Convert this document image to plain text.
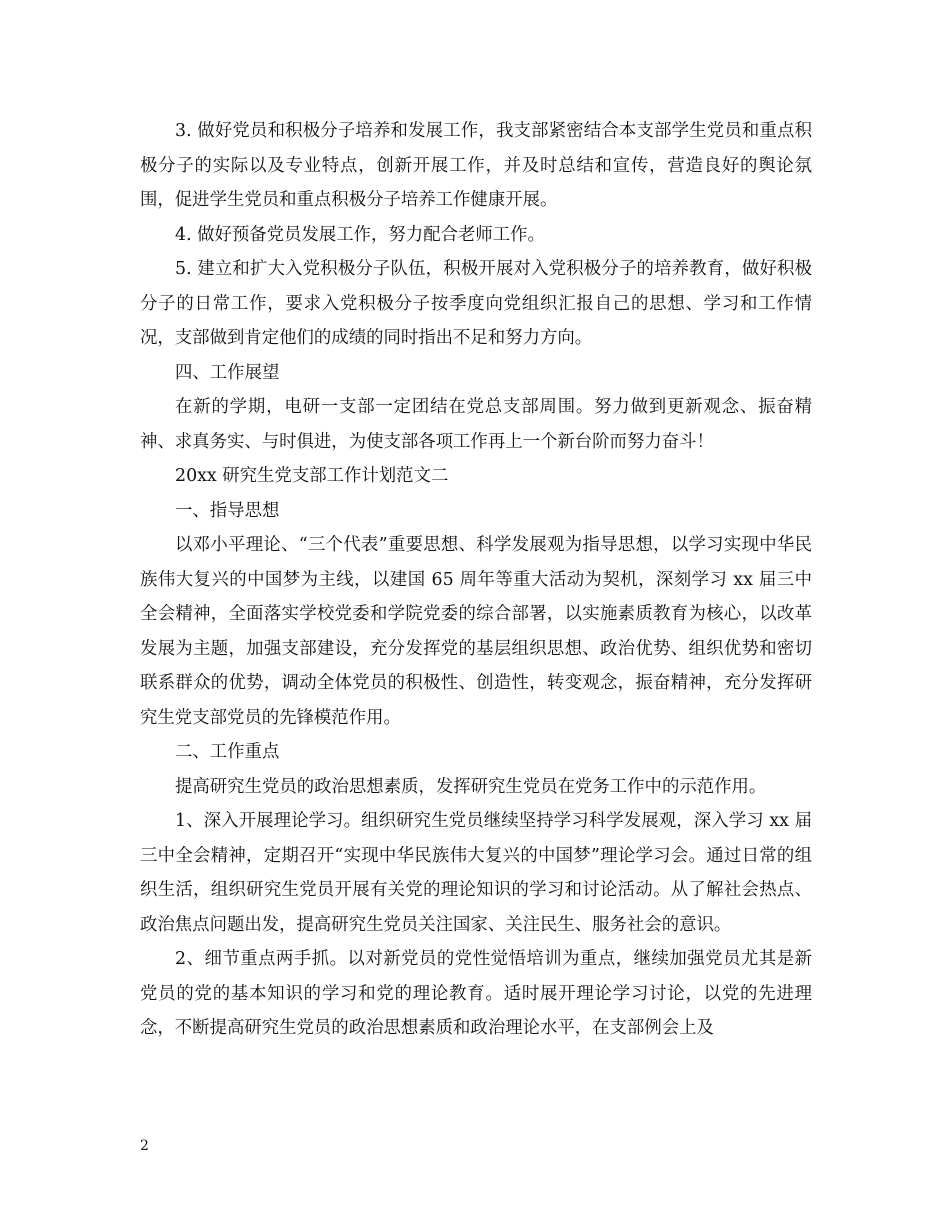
3. 做好党员和积极分子培养和发展工作，我支部紧密结合本支部学生党员和重点积极分子的实际以及专业特点，创新开展工作，并及时总结和宣传，营造良好的舆论氛围，促进学生党员和重点积极分子培养工作健康开展。

4. 做好预备党员发展工作，努力配合老师工作。

5. 建立和扩大入党积极分子队伍，积极开展对入党积极分子的培养教育，做好积极分子的日常工作，要求入党积极分子按季度向党组织汇报自己的思想、学习和工作情况，支部做到肯定他们的成绩的同时指出不足和努力方向。

四、工作展望

在新的学期，电研一支部一定团结在党总支部周围。努力做到更新观念、振奋精神、求真务实、与时俱进，为使支部各项工作再上一个新台阶而努力奋斗！

20xx 研究生党支部工作计划范文二

一、指导思想

以邓小平理论、“三个代表”重要思想、科学发展观为指导思想，以学习实现中华民族伟大复兴的中国梦为主线，以建国 65 周年等重大活动为契机，深刻学习 xx 届三中全会精神，全面落实学校党委和学院党委的综合部署，以实施素质教育为核心，以改革发展为主题，加强支部建设，充分发挥党的基层组织思想、政治优势、组织优势和密切联系群众的优势，调动全体党员的积极性、创造性，转变观念，振奋精神，充分发挥研究生党支部党员的先锋模范作用。

二、工作重点

提高研究生党员的政治思想素质，发挥研究生党员在党务工作中的示范作用。

1、深入开展理论学习。组织研究生党员继续坚持学习科学发展观，深入学习 xx 届三中全会精神，定期召开“实现中华民族伟大复兴的中国梦”理论学习会。通过日常的组织生活，组织研究生党员开展有关党的理论知识的学习和讨论活动。从了解社会热点、政治焦点问题出发，提高研究生党员关注国家、关注民生、服务社会的意识。

2、细节重点两手抓。以对新党员的党性觉悟培训为重点，继续加强党员尤其是新党员的党的基本知识的学习和党的理论教育。适时展开理论学习讨论，以党的先进理念，不断提高研究生党员的政治思想素质和政治理论水平，在支部例会上及

2
